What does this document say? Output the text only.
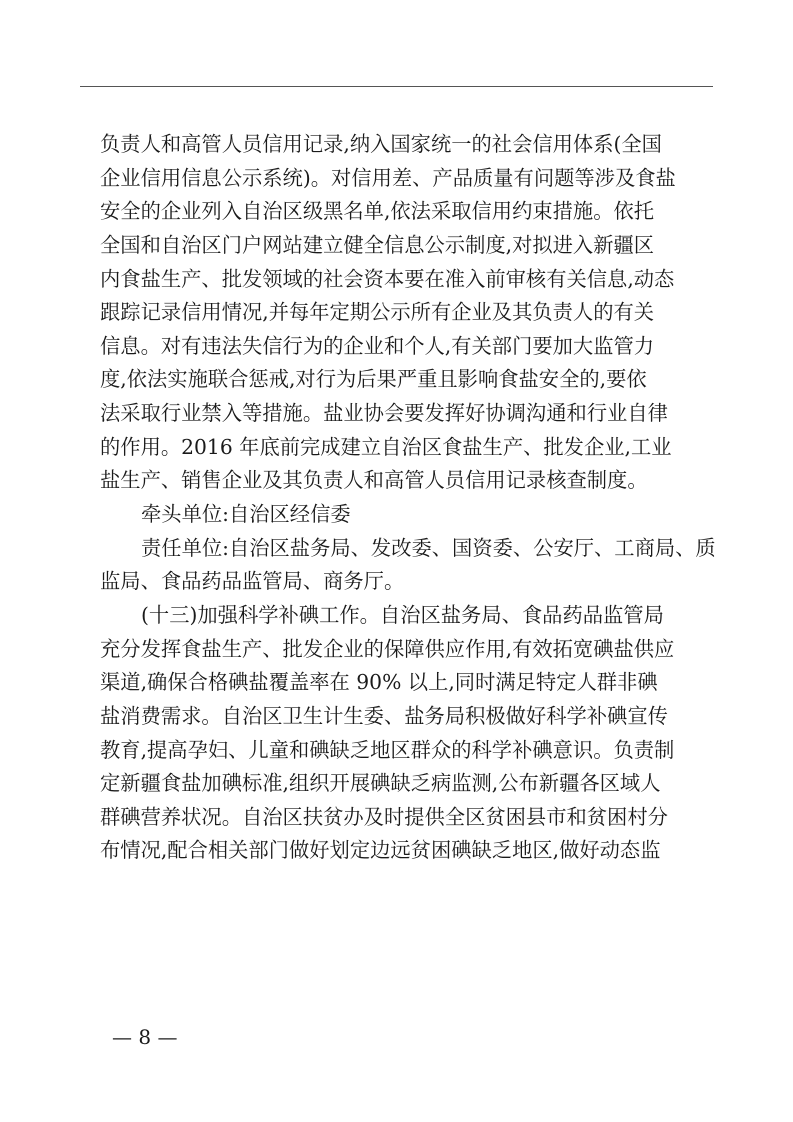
负责人和高管人员信用记录,纳入国家统一的社会信用体系(全国
企业信用信息公示系统)。对信用差、产品质量有问题等涉及食盐
安全的企业列入自治区级黑名单,依法采取信用约束措施。依托
全国和自治区门户网站建立健全信息公示制度,对拟进入新疆区
内食盐生产、批发领域的社会资本要在准入前审核有关信息,动态
跟踪记录信用情况,并每年定期公示所有企业及其负责人的有关
信息。对有违法失信行为的企业和个人,有关部门要加大监管力
度,依法实施联合惩戒,对行为后果严重且影响食盐安全的,要依
法采取行业禁入等措施。盐业协会要发挥好协调沟通和行业自律
的作用。2016 年底前完成建立自治区食盐生产、批发企业,工业
盐生产、销售企业及其负责人和高管人员信用记录核查制度。
牵头单位:自治区经信委
责任单位:自治区盐务局、发改委、国资委、公安厅、工商局、质
监局、食品药品监管局、商务厅。
(十三)加强科学补碘工作。自治区盐务局、食品药品监管局
充分发挥食盐生产、批发企业的保障供应作用,有效拓宽碘盐供应
渠道,确保合格碘盐覆盖率在 90% 以上,同时满足特定人群非碘
盐消费需求。自治区卫生计生委、盐务局积极做好科学补碘宣传
教育,提高孕妇、儿童和碘缺乏地区群众的科学补碘意识。负责制
定新疆食盐加碘标准,组织开展碘缺乏病监测,公布新疆各区域人
群碘营养状况。自治区扶贫办及时提供全区贫困县市和贫困村分
布情况,配合相关部门做好划定边远贫困碘缺乏地区,做好动态监
— 8 —
